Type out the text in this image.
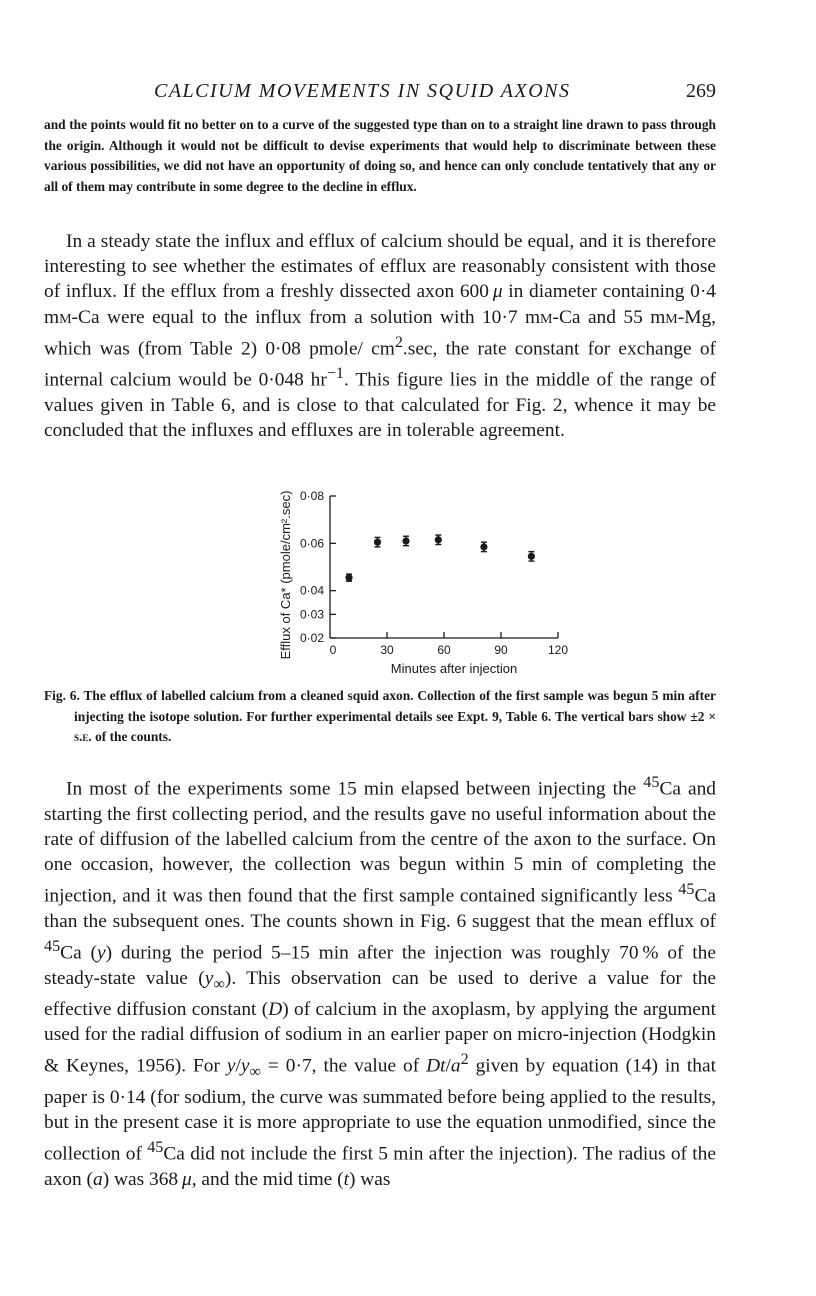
CALCIUM MOVEMENTS IN SQUID AXONS	269

and the points would fit no better on to a curve of the suggested type than on to a straight line drawn to pass through the origin. Although it would not be difficult to devise experiments that would help to discriminate between these various possibilities, we did not have an opportunity of doing so, and hence can only conclude tentatively that any or all of them may contribute in some degree to the decline in efflux.

In a steady state the influx and efflux of calcium should be equal, and it is therefore interesting to see whether the estimates of efflux are reasonably consistent with those of influx. If the efflux from a freshly dissected axon 600 μ in diameter containing 0·4 mm-Ca were equal to the influx from a solution with 10·7 mm-Ca and 55 mm-Mg, which was (from Table 2) 0·08 pmole/ $cm^2.\sec$, the rate constant for exchange of internal calcium would be 0·048 $hr^{-1}$. This figure lies in the middle of the range of values given in Table 6, and is close to that calculated for Fig. 2, whence it may be concluded that the influxes and effluxes are in tolerable agreement.

0·02
0·03
0·04
0·06
0·08
0	30	60	90	120
Minutes after injection
Efflux of Ca* (pmole/cm².sec)

Fig. 6. The efflux of labelled calcium from a cleaned squid axon. Collection of the first sample was begun 5 min after injecting the isotope solution. For further experimental details see Expt. 9, Table 6. The vertical bars show ±2 × s.e. of the counts.

In most of the experiments some 15 min elapsed between injecting the $^{45}$Ca and starting the first collecting period, and the results gave no useful information about the rate of diffusion of the labelled calcium from the centre of the axon to the surface. On one occasion, however, the collection was begun within 5 min of completing the injection, and it was then found that the first sample contained significantly less $^{45}$Ca than the subsequent ones. The counts shown in Fig. 6 suggest that the mean efflux of $^{45}$Ca (y) during the period 5–15 min after the injection was roughly 70 % of the steady-state value $(y_\infty)$. This observation can be used to derive a value for the effective diffusion constant (D) of calcium in the axoplasm, by applying the argument used for the radial diffusion of sodium in an earlier paper on micro-injection (Hodgkin & Keynes, 1956). For $y/y_\infty = 0\cdot 7$, the value of $Dt/a^2$ given by equation (14) in that paper is 0·14 (for sodium, the curve was summated before being applied to the results, but in the present case it is more appropriate to use the equation unmodified, since the collection of $^{45}$Ca did not include the first 5 min after the injection). The radius of the axon (a) was 368 μ, and the mid time (t) was
